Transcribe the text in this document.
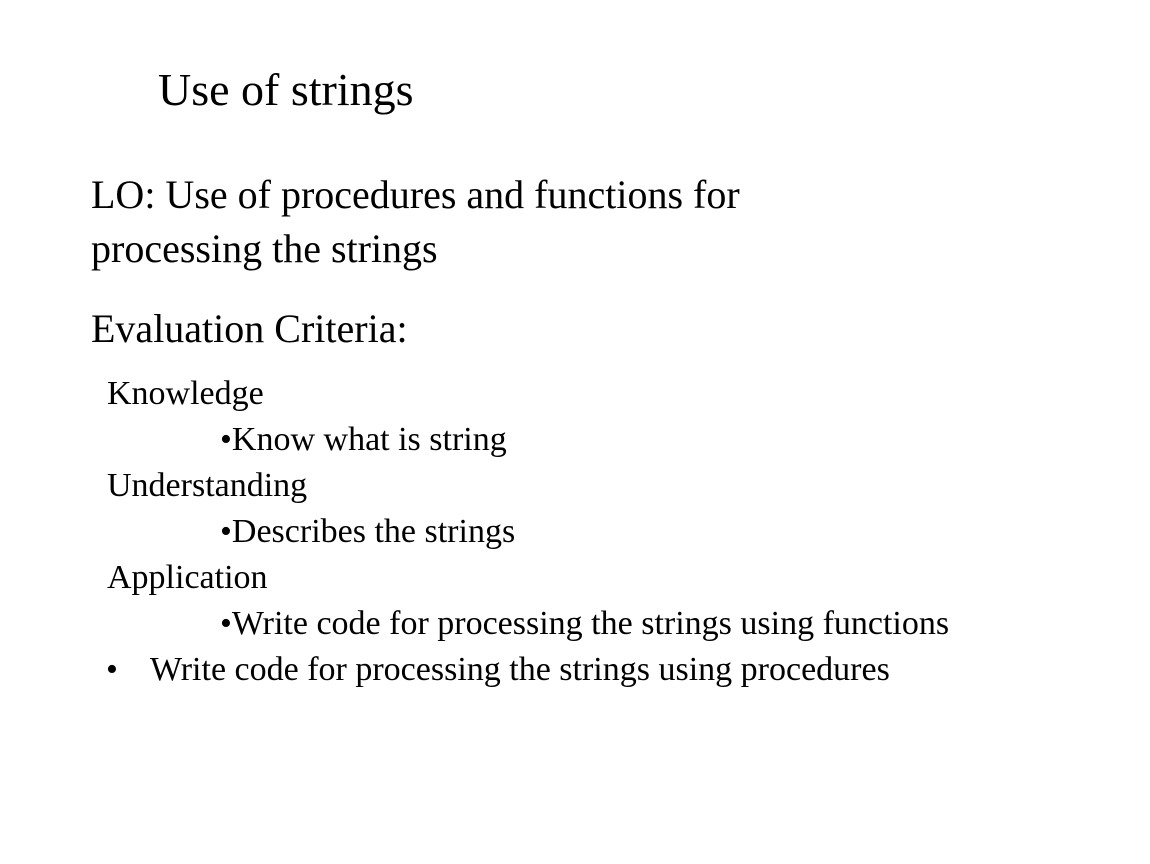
Use of strings
LO: Use of procedures and functions for
processing the strings
Evaluation Criteria:
Knowledge
•Know what is string
Understanding
•Describes the strings
Application
•Write code for processing the strings using functions
• Write code for processing the strings using procedures
